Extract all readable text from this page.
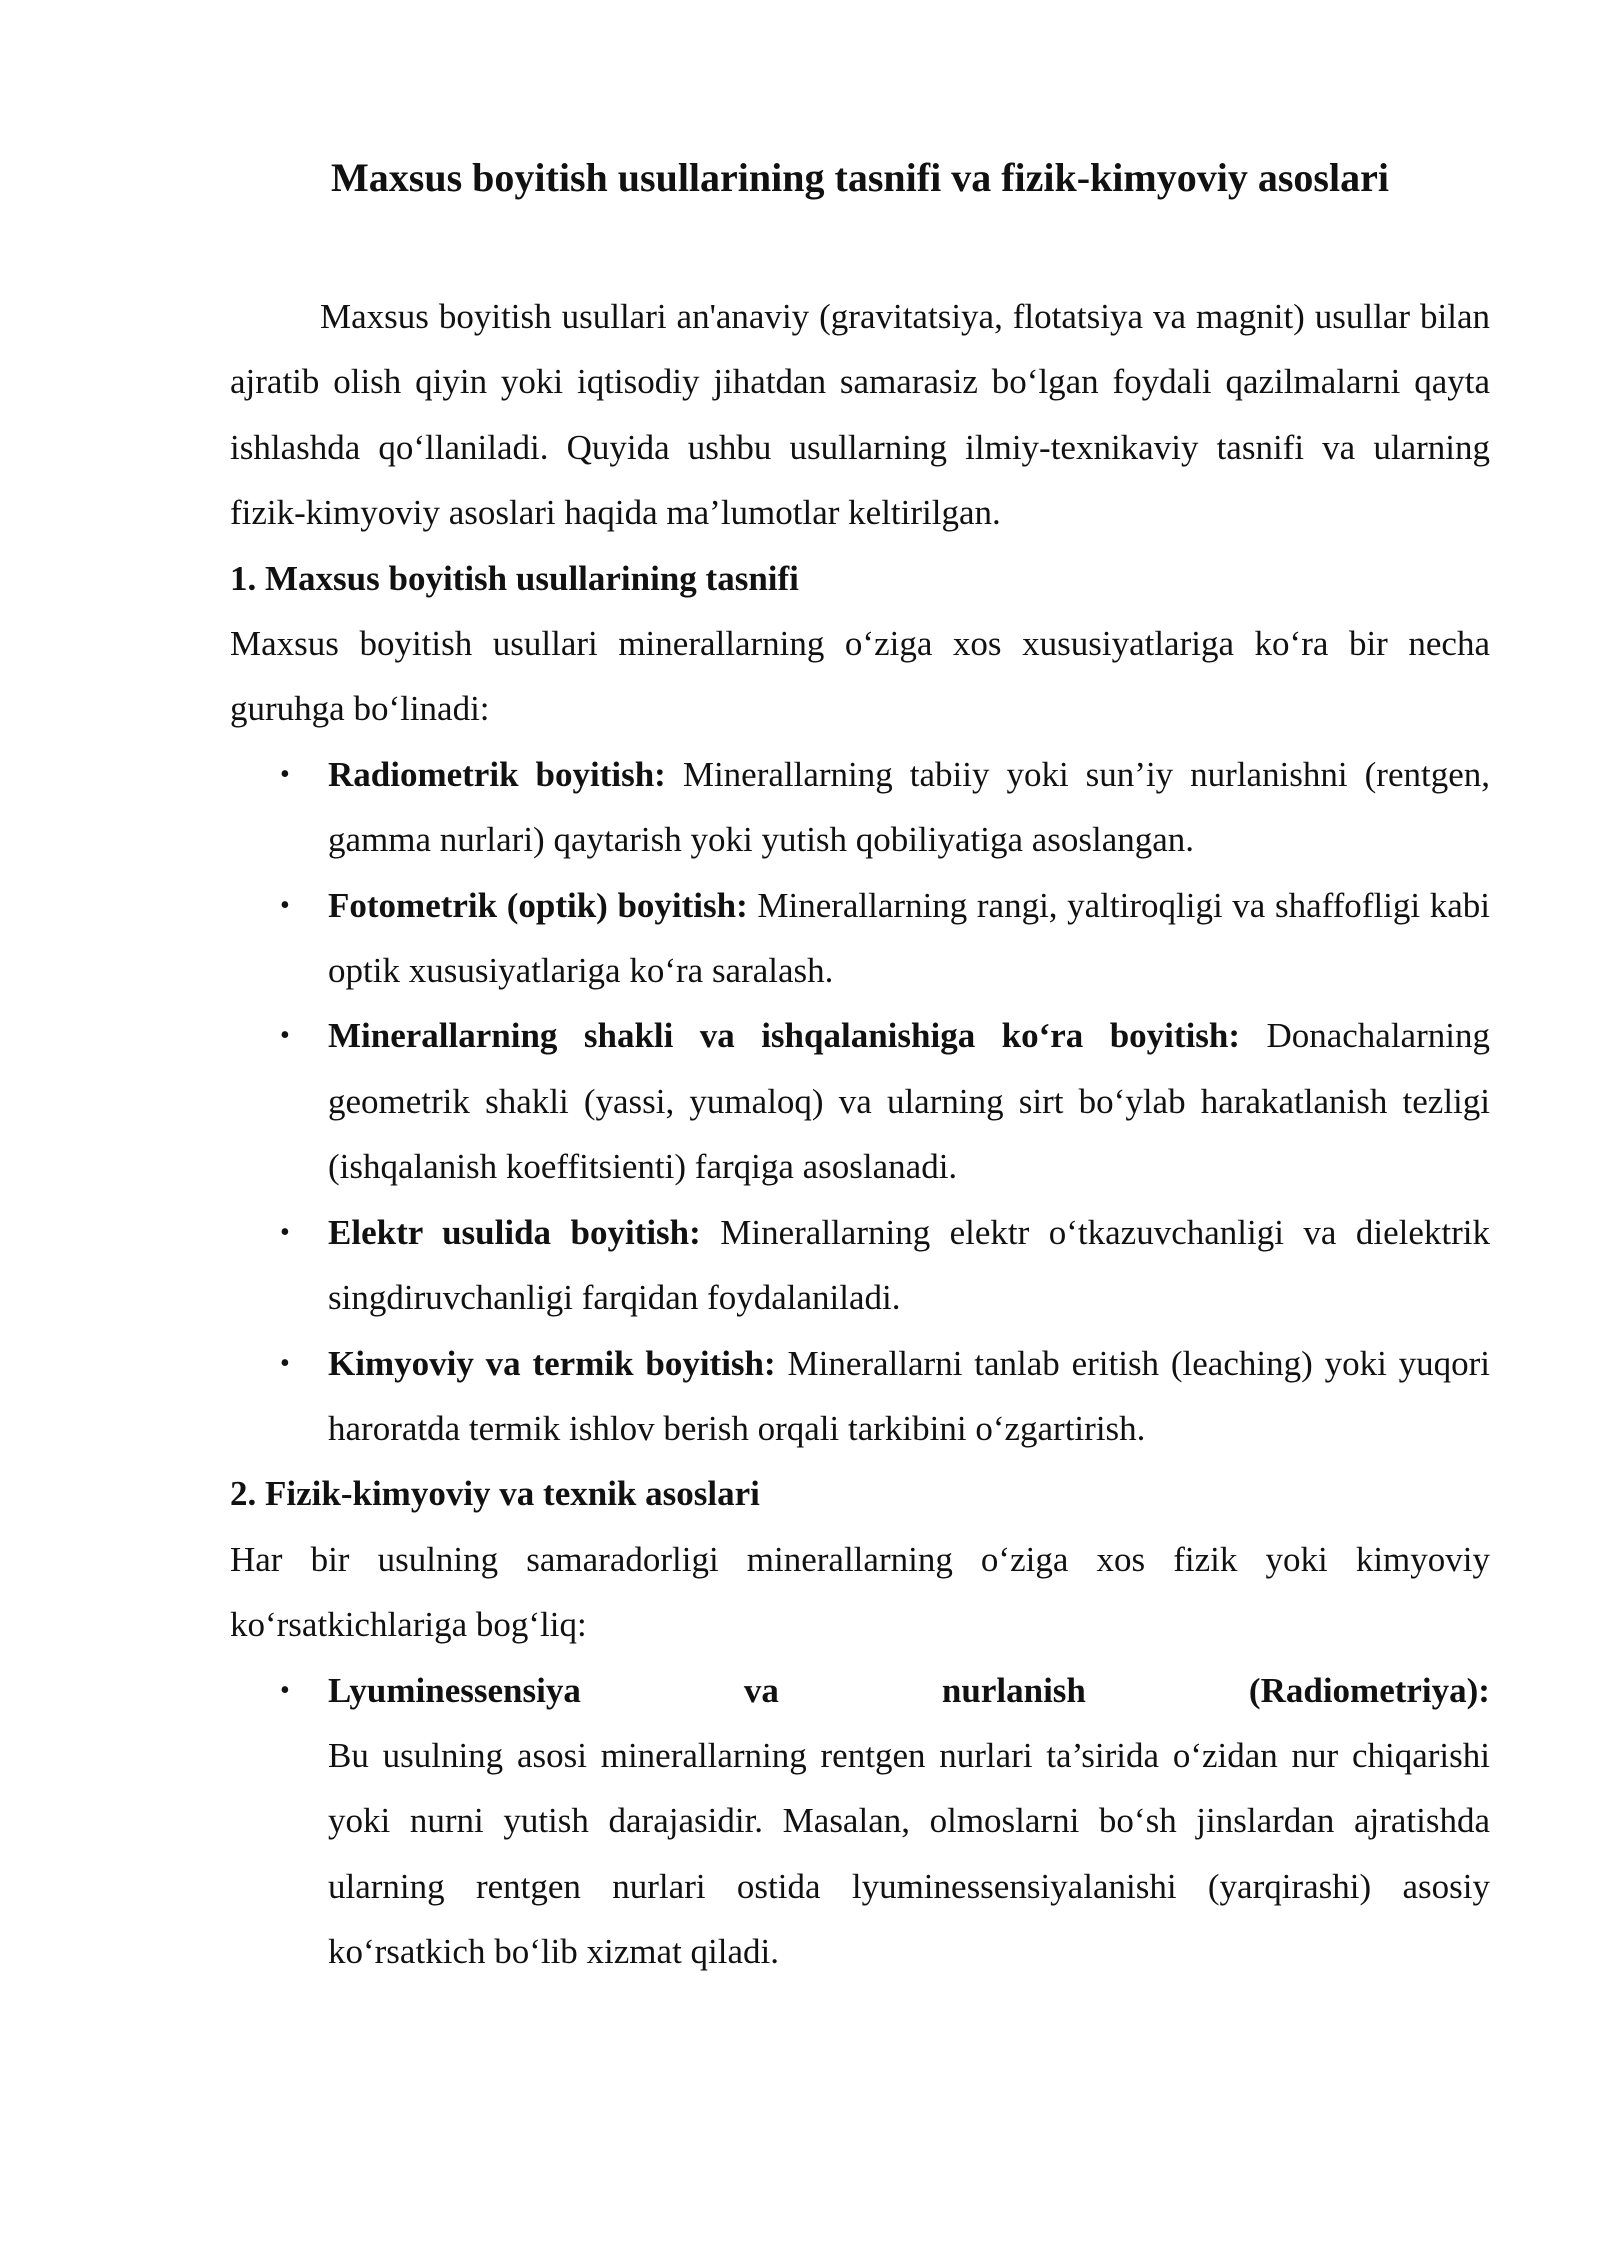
Maxsus boyitish usullarining tasnifi va fizik-kimyoviy asoslari

Maxsus boyitish usullari an'anaviy (gravitatsiya, flotatsiya va magnit) usullar bilan ajratib olish qiyin yoki iqtisodiy jihatdan samarasiz bo‘lgan foydali qazilmalarni qayta ishlashda qo‘llaniladi. Quyida ushbu usullarning ilmiy-texnikaviy tasnifi va ularning fizik-kimyoviy asoslari haqida ma’lumotlar keltirilgan.

1. Maxsus boyitish usullarining tasnifi

Maxsus boyitish usullari minerallarning o‘ziga xos xususiyatlariga ko‘ra bir necha guruhga bo‘linadi:

• Radiometrik boyitish: Minerallarning tabiiy yoki sun’iy nurlanishni (rentgen, gamma nurlari) qaytarish yoki yutish qobiliyatiga asoslangan.
• Fotometrik (optik) boyitish: Minerallarning rangi, yaltiroqligi va shaffofligi kabi optik xususiyatlariga ko‘ra saralash.
• Minerallarning shakli va ishqalanishiga ko‘ra boyitish: Donachalarning geometrik shakli (yassi, yumaloq) va ularning sirt bo‘ylab harakatlanish tezligi (ishqalanish koeffitsienti) farqiga asoslanadi.
• Elektr usulida boyitish: Minerallarning elektr o‘tkazuvchanligi va dielektrik singdiruvchanligi farqidan foydalaniladi.
• Kimyoviy va termik boyitish: Minerallarni tanlab eritish (leaching) yoki yuqori haroratda termik ishlov berish orqali tarkibini o‘zgartirish.
2. Fizik-kimyoviy va texnik asoslari

Har bir usulning samaradorligi minerallarning o‘ziga xos fizik yoki kimyoviy ko‘rsatkichlariga bog‘liq:

• Lyuminessensiya	va	nurlanish	(Radiometriya):
Bu usulning asosi minerallarning rentgen nurlari ta’sirida o‘zidan nur chiqarishi yoki nurni yutish darajasidir. Masalan, olmoslarni bo‘sh jinslardan ajratishda ularning rentgen nurlari ostida lyuminessensiyalanishi (yarqirashi) asosiy ko‘rsatkich bo‘lib xizmat qiladi.
